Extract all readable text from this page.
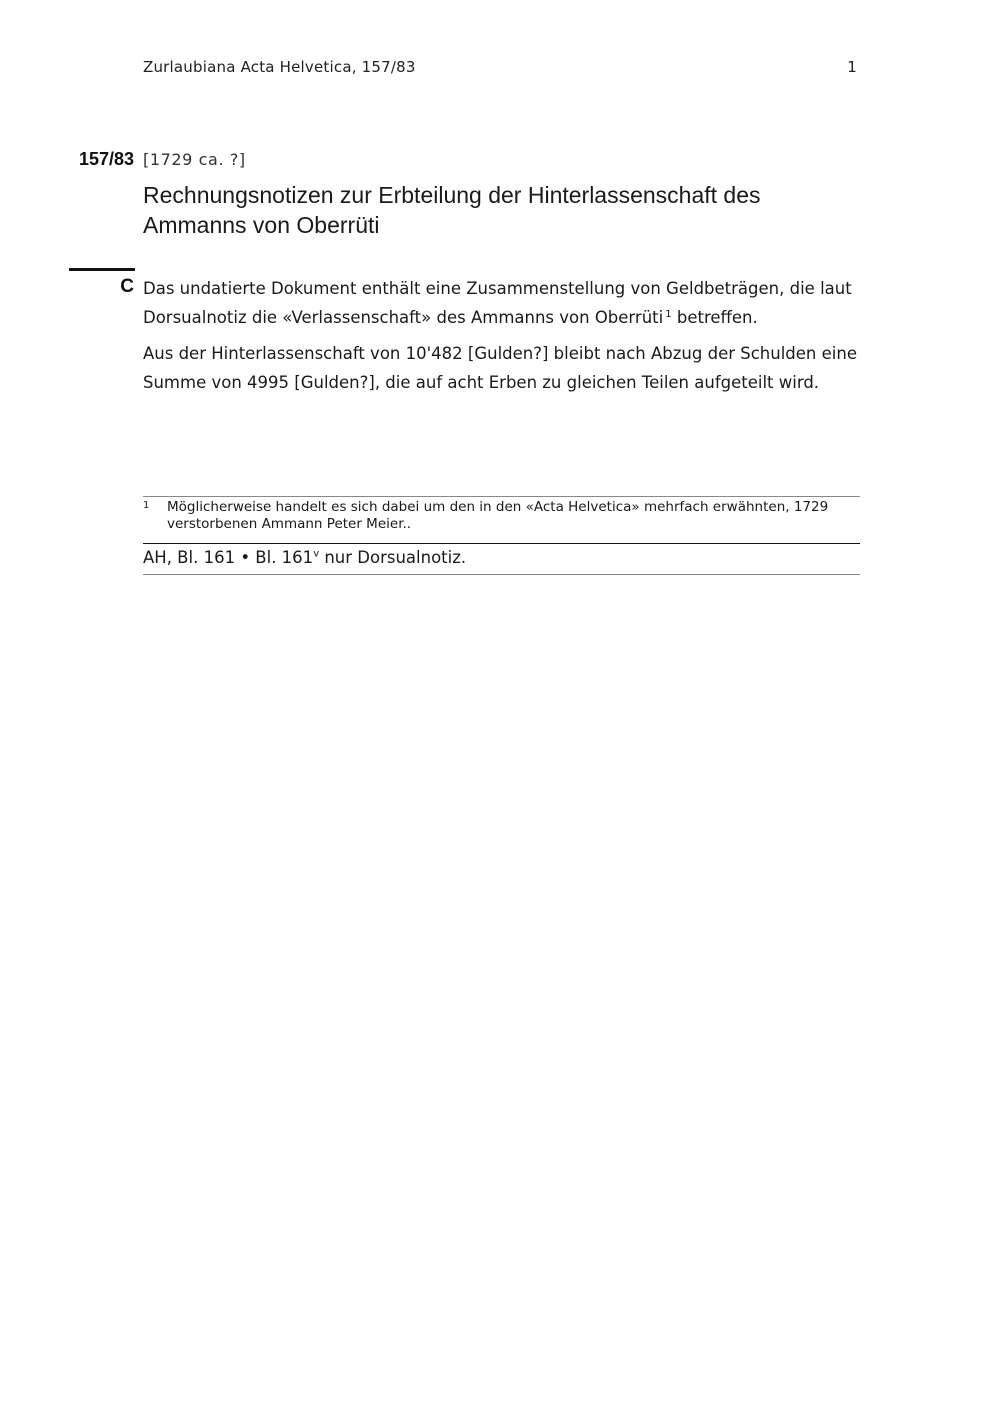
Zurlaubiana Acta Helvetica, 157/83	1
157/83 [1729 ca. ?]
Rechnungsnotizen zur Erbteilung der Hinterlassenschaft des Ammanns von Oberrüti
C Das undatierte Dokument enthält eine Zusammenstellung von Geldbeträgen, die laut Dorsualnotiz die «Verlassenschaft» des Ammanns von Oberrüti $^1$ betreffen.

Aus der Hinterlassenschaft von 10'482 [Gulden?] bleibt nach Abzug der Schulden eine Summe von 4995 [Gulden?], die auf acht Erben zu gleichen Teilen aufgeteilt wird.

1 Möglicherweise handelt es sich dabei um den in den «Acta Helvetica» mehrfach erwähnten, 1729 verstorbenen Ammann Peter Meier..
AH, Bl. 161 • Bl. 161$^v$ nur Dorsualnotiz.
